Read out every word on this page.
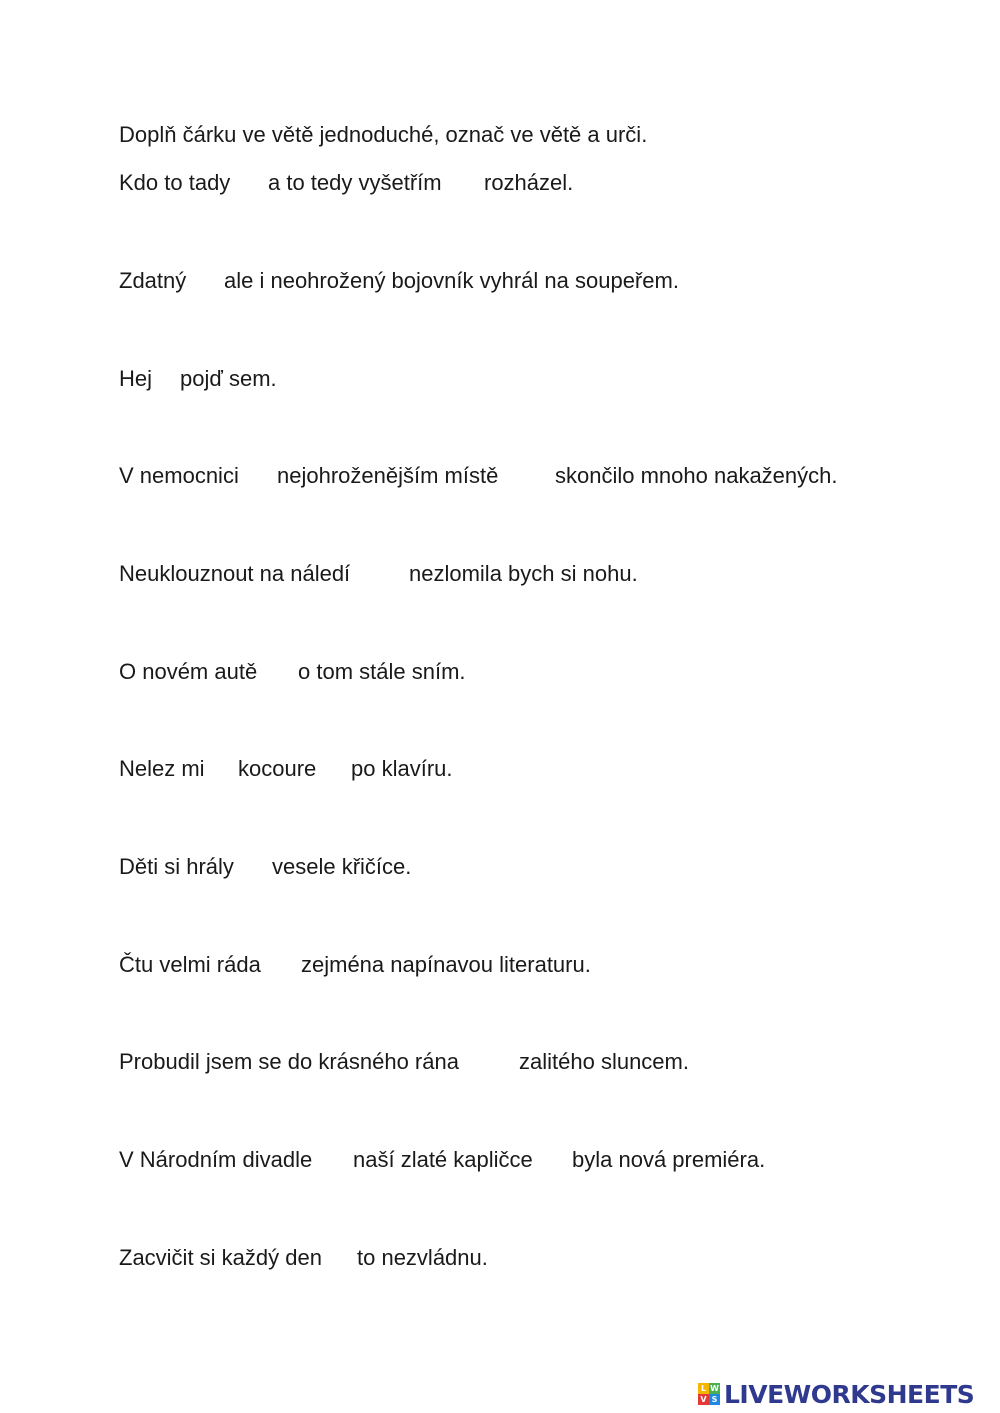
Doplň čárku ve větě jednoduché, označ ve větě a urči.
Kdo to tady a to tedy vyšetřím rozházel.
Zdatný ale i neohrožený bojovník vyhrál na soupeřem.
Hej pojď sem.
V nemocnici nejohroženějším místě	skončilo mnoho nakažených.
Neuklouznout na náledí	nezlomila bych si nohu.
O novém autě o tom stále sním.
Nelez mi kocoure po klavíru.
Děti si hrály vesele křičíce.
Čtu velmi ráda zejména napínavou literaturu.
Probudil jsem se do krásného rána	zalitého sluncem.
V Národním divadle naší zlaté kapličce byla nová premiéra.
Zacvičit si každý den to nezvládnu.
L W
V S LIVEWORKSHEETS
